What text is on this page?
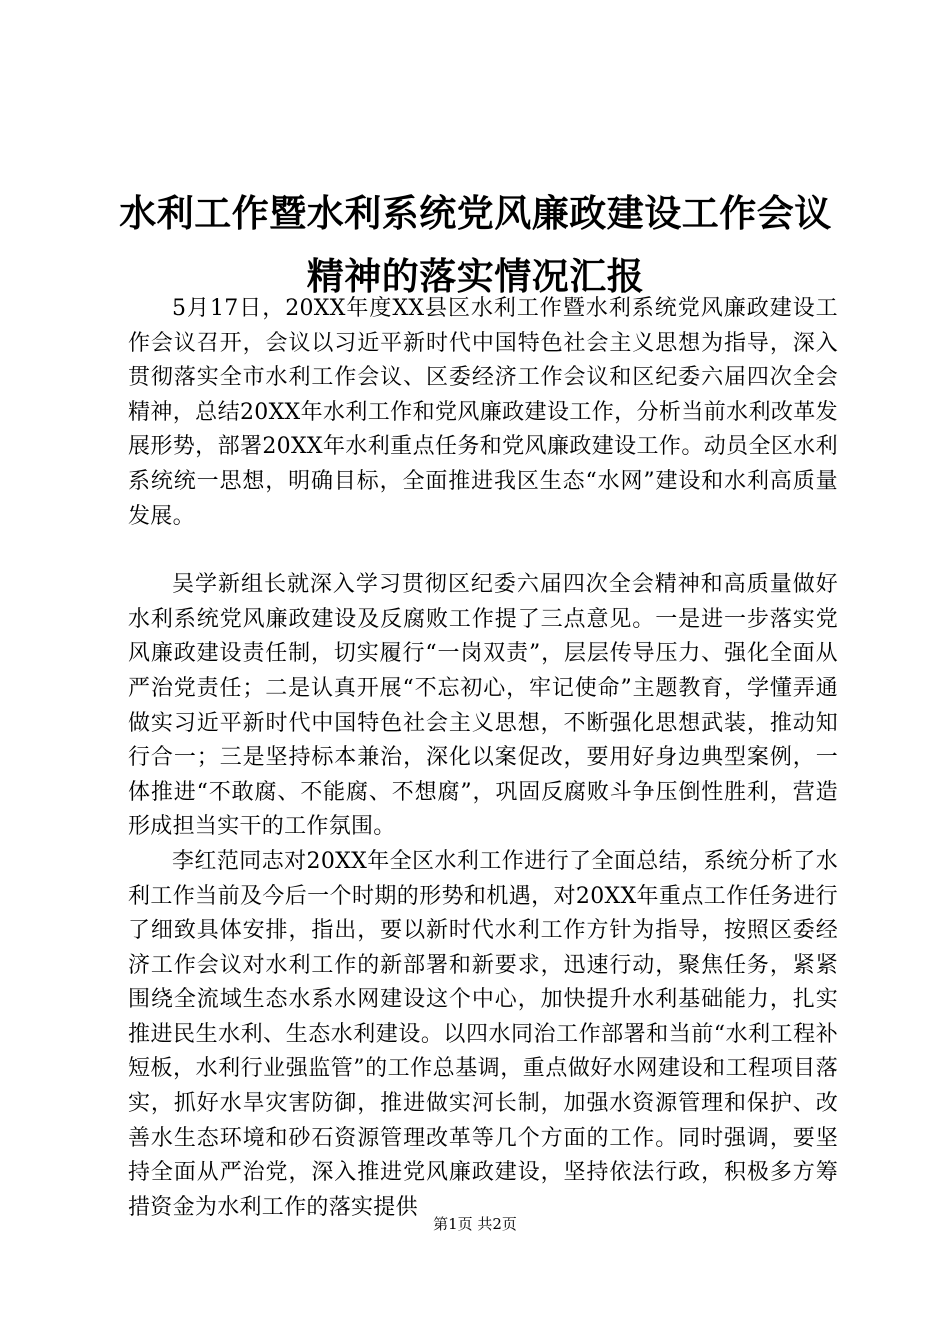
水利工作暨水利系统党风廉政建设工作会议精神的落实情况汇报

5月17日，20XX年度XX县区水利工作暨水利系统党风廉政建设工作会议召开，会议以习近平新时代中国特色社会主义思想为指导，深入贯彻落实全市水利工作会议、区委经济工作会议和区纪委六届四次全会精神，总结20XX年水利工作和党风廉政建设工作，分析当前水利改革发展形势，部署20XX年水利重点任务和党风廉政建设工作。动员全区水利系统统一思想，明确目标，全面推进我区生态“水网”建设和水利高质量发展。

吴学新组长就深入学习贯彻区纪委六届四次全会精神和高质量做好水利系统党风廉政建设及反腐败工作提了三点意见。一是进一步落实党风廉政建设责任制，切实履行“一岗双责”，层层传导压力、强化全面从严治党责任；二是认真开展“不忘初心，牢记使命”主题教育，学懂弄通做实习近平新时代中国特色社会主义思想，不断强化思想武装，推动知行合一；三是坚持标本兼治，深化以案促改，要用好身边典型案例，一体推进“不敢腐、不能腐、不想腐”，巩固反腐败斗争压倒性胜利，营造形成担当实干的工作氛围。

李红范同志对20XX年全区水利工作进行了全面总结，系统分析了水利工作当前及今后一个时期的形势和机遇，对20XX年重点工作任务进行了细致具体安排，指出，要以新时代水利工作方针为指导，按照区委经济工作会议对水利工作的新部署和新要求，迅速行动，聚焦任务，紧紧围绕全流域生态水系水网建设这个中心，加快提升水利基础能力，扎实推进民生水利、生态水利建设。以四水同治工作部署和当前“水利工程补短板，水利行业强监管”的工作总基调，重点做好水网建设和工程项目落实，抓好水旱灾害防御，推进做实河长制，加强水资源管理和保护、改善水生态环境和砂石资源管理改革等几个方面的工作。同时强调，要坚持全面从严治党，深入推进党风廉政建设，坚持依法行政，积极多方筹措资金为水利工作的落实提供

第1页 共2页
